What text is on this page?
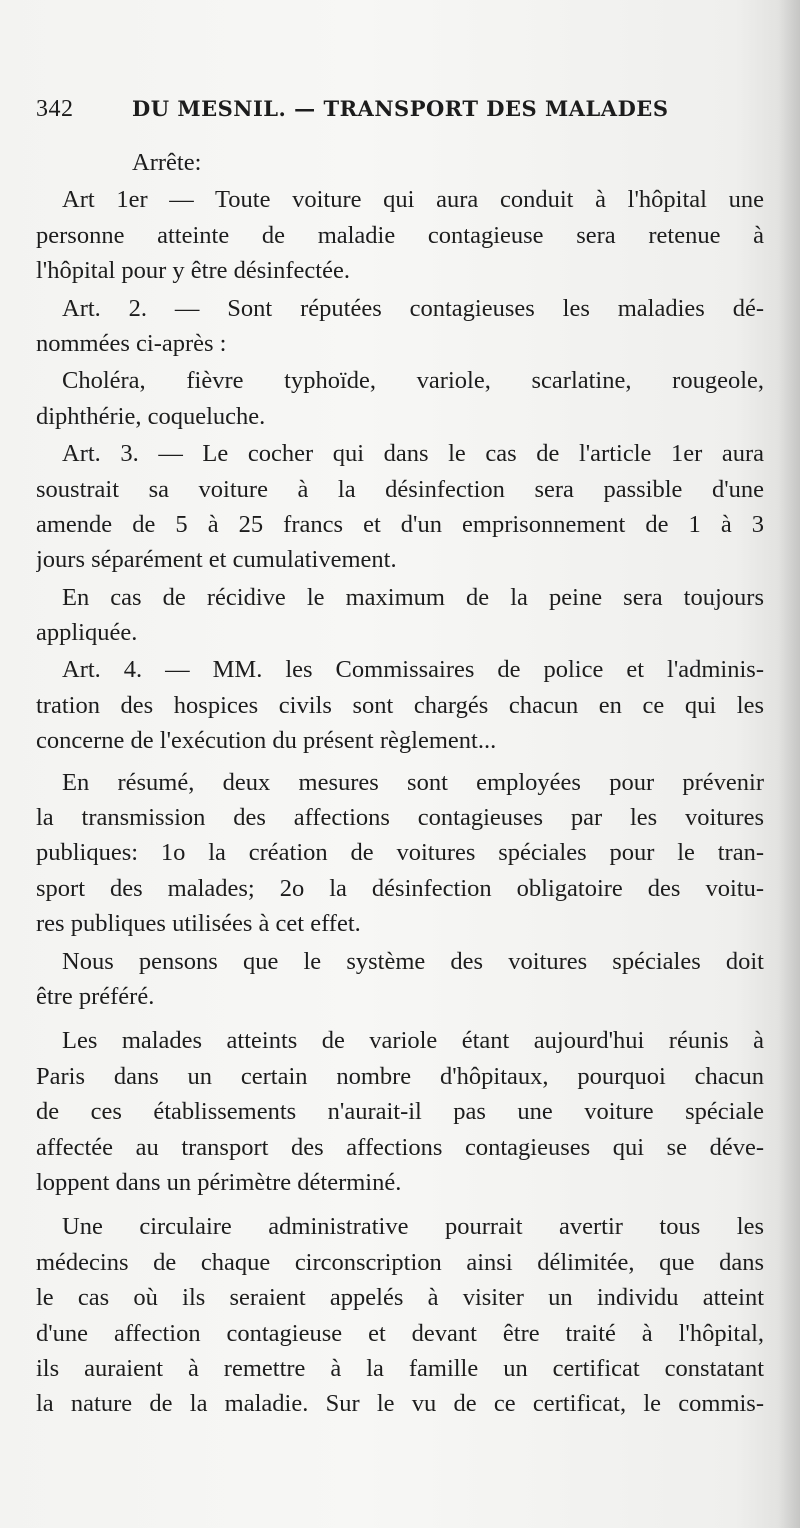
342	DU MESNIL. — TRANSPORT DES MALADES
Arrête:
Art 1er — Toute voiture qui aura conduit à l'hôpital une
personne atteinte de maladie contagieuse sera retenue à
l'hôpital pour y être désinfectée.
Art. 2. — Sont réputées contagieuses les maladies dé-
nommées ci-après :
Choléra, fièvre typhoïde, variole, scarlatine, rougeole,
diphthérie, coqueluche.
Art. 3. — Le cocher qui dans le cas de l'article 1er aura
soustrait sa voiture à la désinfection sera passible d'une
amende de 5 à 25 francs et d'un emprisonnement de 1 à 3
jours séparément et cumulativement.
En cas de récidive le maximum de la peine sera toujours
appliquée.
Art. 4. — MM. les Commissaires de police et l'adminis-
tration des hospices civils sont chargés chacun en ce qui les
concerne de l'exécution du présent règlement...
En résumé, deux mesures sont employées pour prévenir
la transmission des affections contagieuses par les voitures
publiques: 1o la création de voitures spéciales pour le tran-
sport des malades; 2o la désinfection obligatoire des voitu-
res publiques utilisées à cet effet.
Nous pensons que le système des voitures spéciales doit
être préféré.
Les malades atteints de variole étant aujourd'hui réunis à
Paris dans un certain nombre d'hôpitaux, pourquoi chacun
de ces établissements n'aurait-il pas une voiture spéciale
affectée au transport des affections contagieuses qui se déve-
loppent dans un périmètre déterminé.
Une circulaire administrative pourrait avertir tous les
médecins de chaque circonscription ainsi délimitée, que dans
le cas où ils seraient appelés à visiter un individu atteint
d'une affection contagieuse et devant être traité à l'hôpital,
ils auraient à remettre à la famille un certificat constatant
la nature de la maladie. Sur le vu de ce certificat, le commis-
